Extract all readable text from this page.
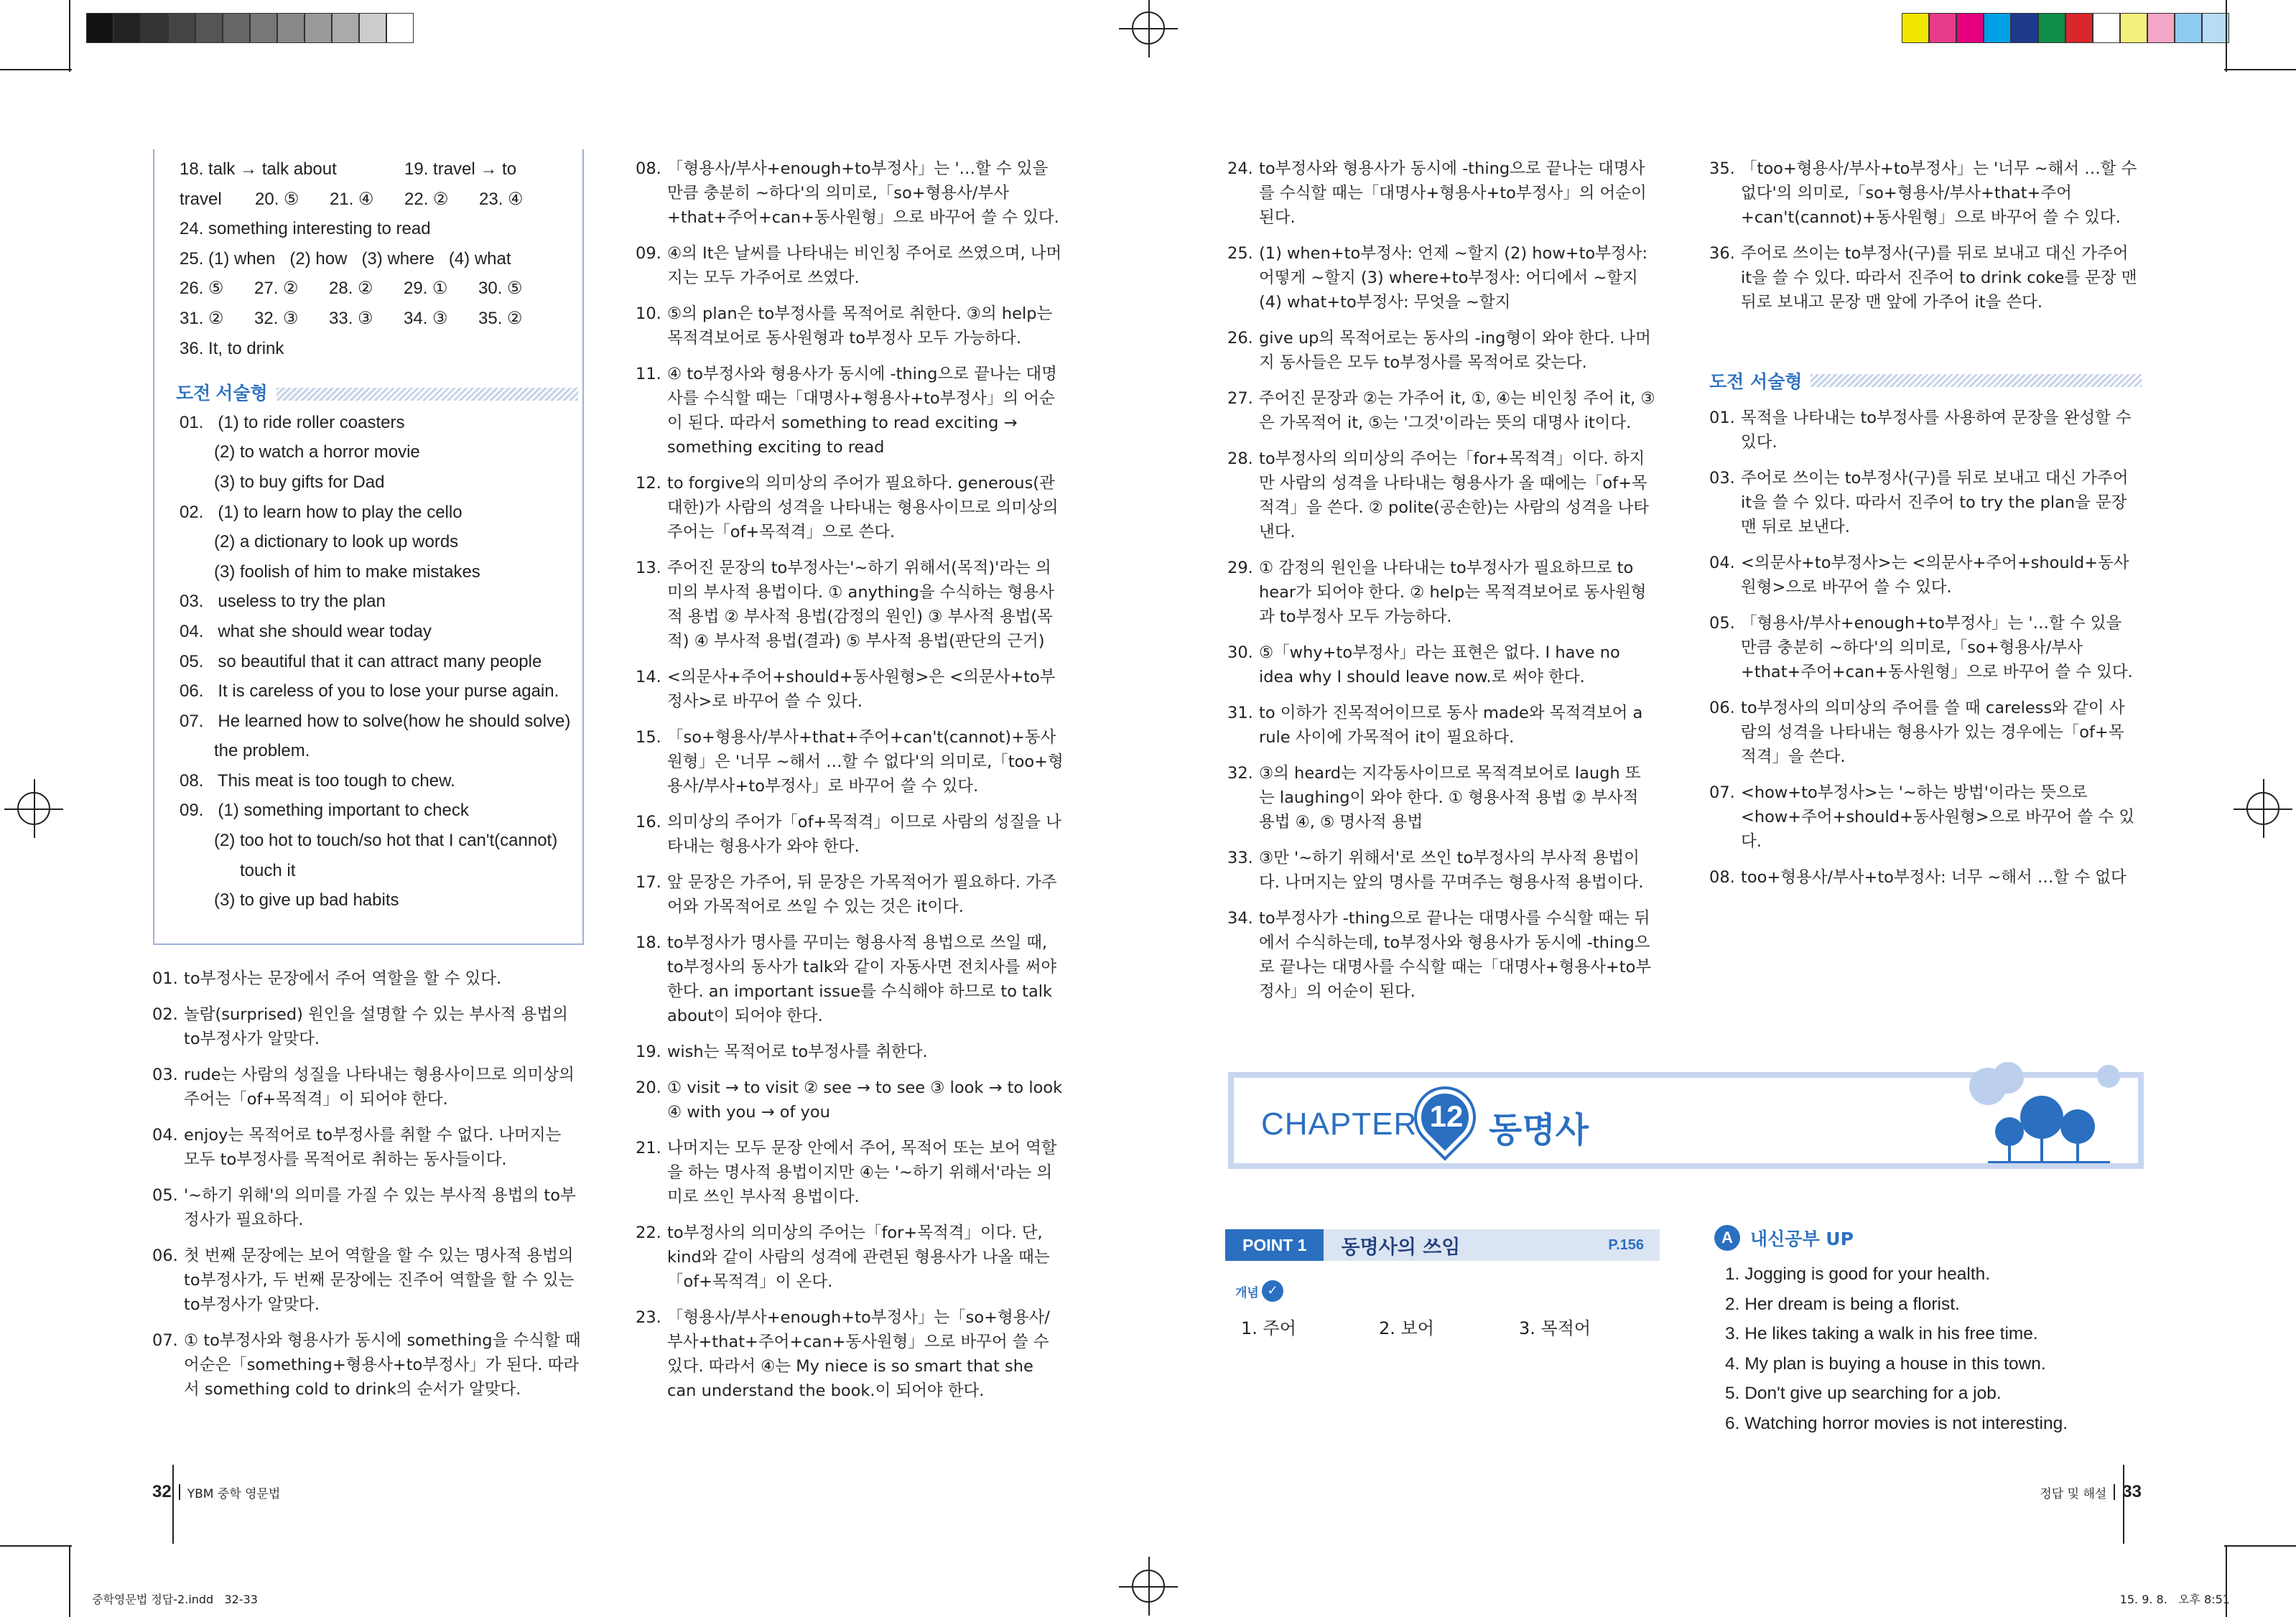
18. talk → talk about	19. travel → to
travel	20. ⑤	21. ④	22. ②	23. ④
24. something interesting to read
25. (1) when   (2) how   (3) where   (4) what
26. ⑤	27. ②	28. ②	29. ①	30. ⑤
31. ②	32. ③	33. ③	34. ③	35. ②
36. It, to drink
도전 서술형
01.   (1) to ride roller coasters
(2) to watch a horror movie
(3) to buy gifts for Dad
02.   (1) to learn how to play the cello
(2) a dictionary to look up words
(3) foolish of him to make mistakes
03.   useless to try the plan
04.   what she should wear today
05.   so beautiful that it can attract many people
06.   It is careless of you to lose your purse again.
07.   He learned how to solve(how he should solve)
the problem.
08.   This meat is too tough to chew.
09.   (1) something important to check
(2) too hot to touch/so hot that I can't(cannot)
touch it
(3) to give up bad habits
01. to부정사는 문장에서 주어 역할을 할 수 있다.
02. 놀람(surprised) 원인을 설명할 수 있는 부사적 용법의 to부정사가 알맞다.
03. rude는 사람의 성질을 나타내는 형용사이므로 의미상의 주어는「of+목적격」이 되어야 한다.
04. enjoy는 목적어로 to부정사를 취할 수 없다. 나머지는 모두 to부정사를 목적어로 취하는 동사들이다.
05. '~하기 위해'의 의미를 가질 수 있는 부사적 용법의 to부정사가 필요하다.
06. 첫 번째 문장에는 보어 역할을 할 수 있는 명사적 용법의 to부정사가, 두 번째 문장에는 진주어 역할을 할 수 있는 to부정사가 알맞다.
07. ① to부정사와 형용사가 동시에 something을 수식할 때 어순은「something+형용사+to부정사」가 된다. 따라서 something cold to drink의 순서가 알맞다.
08. 「형용사/부사+enough+to부정사」는 '…할 수 있을 만큼 충분히 ~하다'의 의미로,「so+형용사/부사+that+주어+can+동사원형」으로 바꾸어 쓸 수 있다.
09. ④의 It은 날씨를 나타내는 비인칭 주어로 쓰였으며, 나머지는 모두 가주어로 쓰였다.
10. ⑤의 plan은 to부정사를 목적어로 취한다. ③의 help는 목적격보어로 동사원형과 to부정사 모두 가능하다.
11. ④ to부정사와 형용사가 동시에 -thing으로 끝나는 대명사를 수식할 때는「대명사+형용사+to부정사」의 어순이 된다. 따라서 something to read exciting → something exciting to read
12. to forgive의 의미상의 주어가 필요하다. generous(관대한)가 사람의 성격을 나타내는 형용사이므로 의미상의 주어는「of+목적격」으로 쓴다.
13. 주어진 문장의 to부정사는'~하기 위해서(목적)'라는 의미의 부사적 용법이다. ① anything을 수식하는 형용사적 용법 ② 부사적 용법(감정의 원인) ③ 부사적 용법(목적) ④ 부사적 용법(결과) ⑤ 부사적 용법(판단의 근거)
14. <의문사+주어+should+동사원형>은 <의문사+to부정사>로 바꾸어 쓸 수 있다.
15. 「so+형용사/부사+that+주어+can't(cannot)+동사원형」은 '너무 ~해서 …할 수 없다'의 의미로,「too+형용사/부사+to부정사」로 바꾸어 쓸 수 있다.
16. 의미상의 주어가「of+목적격」이므로 사람의 성질을 나타내는 형용사가 와야 한다.
17. 앞 문장은 가주어, 뒤 문장은 가목적어가 필요하다. 가주어와 가목적어로 쓰일 수 있는 것은 it이다.
18. to부정사가 명사를 꾸미는 형용사적 용법으로 쓰일 때, to부정사의 동사가 talk와 같이 자동사면 전치사를 써야 한다. an important issue를 수식해야 하므로 to talk about이 되어야 한다.
19. wish는 목적어로 to부정사를 취한다.
20. ① visit → to visit ② see → to see ③ look → to look ④ with you → of you
21. 나머지는 모두 문장 안에서 주어, 목적어 또는 보어 역할을 하는 명사적 용법이지만 ④는 '~하기 위해서'라는 의미로 쓰인 부사적 용법이다.
22. to부정사의 의미상의 주어는「for+목적격」이다. 단, kind와 같이 사람의 성격에 관련된 형용사가 나올 때는「of+목적격」이 온다.
23. 「형용사/부사+enough+to부정사」는「so+형용사/부사+that+주어+can+동사원형」으로 바꾸어 쓸 수 있다. 따라서 ④는 My niece is so smart that she can understand the book.이 되어야 한다.
24. to부정사와 형용사가 동시에 -thing으로 끝나는 대명사를 수식할 때는「대명사+형용사+to부정사」의 어순이 된다.
25. (1) when+to부정사: 언제 ~할지 (2) how+to부정사: 어떻게 ~할지 (3) where+to부정사: 어디에서 ~할지 (4) what+to부정사: 무엇을 ~할지
26. give up의 목적어로는 동사의 -ing형이 와야 한다. 나머지 동사들은 모두 to부정사를 목적어로 갖는다.
27. 주어진 문장과 ②는 가주어 it, ①, ④는 비인칭 주어 it, ③은 가목적어 it, ⑤는 '그것'이라는 뜻의 대명사 it이다.
28. to부정사의 의미상의 주어는「for+목적격」이다. 하지만 사람의 성격을 나타내는 형용사가 올 때에는「of+목적격」을 쓴다. ② polite(공손한)는 사람의 성격을 나타낸다.
29. ① 감정의 원인을 나타내는 to부정사가 필요하므로 to hear가 되어야 한다. ② help는 목적격보어로 동사원형과 to부정사 모두 가능하다.
30. ⑤「why+to부정사」라는 표현은 없다. I have no idea why I should leave now.로 써야 한다.
31. to 이하가 진목적어이므로 동사 made와 목적격보어 a rule 사이에 가목적어 it이 필요하다.
32. ③의 heard는 지각동사이므로 목적격보어로 laugh 또는 laughing이 와야 한다. ① 형용사적 용법 ② 부사적 용법 ④, ⑤ 명사적 용법
33. ③만 '~하기 위해서'로 쓰인 to부정사의 부사적 용법이다. 나머지는 앞의 명사를 꾸며주는 형용사적 용법이다.
34. to부정사가 -thing으로 끝나는 대명사를 수식할 때는 뒤에서 수식하는데, to부정사와 형용사가 동시에 -thing으로 끝나는 대명사를 수식할 때는「대명사+형용사+to부정사」의 어순이 된다.
35. 「too+형용사/부사+to부정사」는 '너무 ~해서 …할 수 없다'의 의미로,「so+형용사/부사+that+주어+can't(cannot)+동사원형」으로 바꾸어 쓸 수 있다.
36. 주어로 쓰이는 to부정사(구)를 뒤로 보내고 대신 가주어 it을 쓸 수 있다. 따라서 진주어 to drink coke를 문장 맨 뒤로 보내고 문장 맨 앞에 가주어 it을 쓴다.
도전 서술형
01. 목적을 나타내는 to부정사를 사용하여 문장을 완성할 수 있다.
03. 주어로 쓰이는 to부정사(구)를 뒤로 보내고 대신 가주어 it을 쓸 수 있다. 따라서 진주어 to try the plan을 문장 맨 뒤로 보낸다.
04. <의문사+to부정사>는 <의문사+주어+should+동사원형>으로 바꾸어 쓸 수 있다.
05. 「형용사/부사+enough+to부정사」는 '…할 수 있을 만큼 충분히 ~하다'의 의미로,「so+형용사/부사+that+주어+can+동사원형」으로 바꾸어 쓸 수 있다.
06. to부정사의 의미상의 주어를 쓸 때 careless와 같이 사람의 성격을 나타내는 형용사가 있는 경우에는「of+목적격」을 쓴다.
07. <how+to부정사>는 '~하는 방법'이라는 뜻으로 <how+주어+should+동사원형>으로 바꾸어 쓸 수 있다.
08. too+형용사/부사+to부정사: 너무 ~해서 …할 수 없다
CHAPTER 12 동명사
POINT 1	동명사의 쓰임	P.156
개념 ✓
1. 주어	2. 보어	3. 목적어
A 내신공부 UP
1. Jogging is good for your health.
2. Her dream is being a florist.
3. He likes taking a walk in his free time.
4. My plan is buying a house in this town.
5. Don't give up searching for a job.
6. Watching horror movies is not interesting.
32 YBM 중학 영문법	정답 및 해설 33
중학영문법 정답-2.indd   32-33	15. 9. 8.   오후 8:51
